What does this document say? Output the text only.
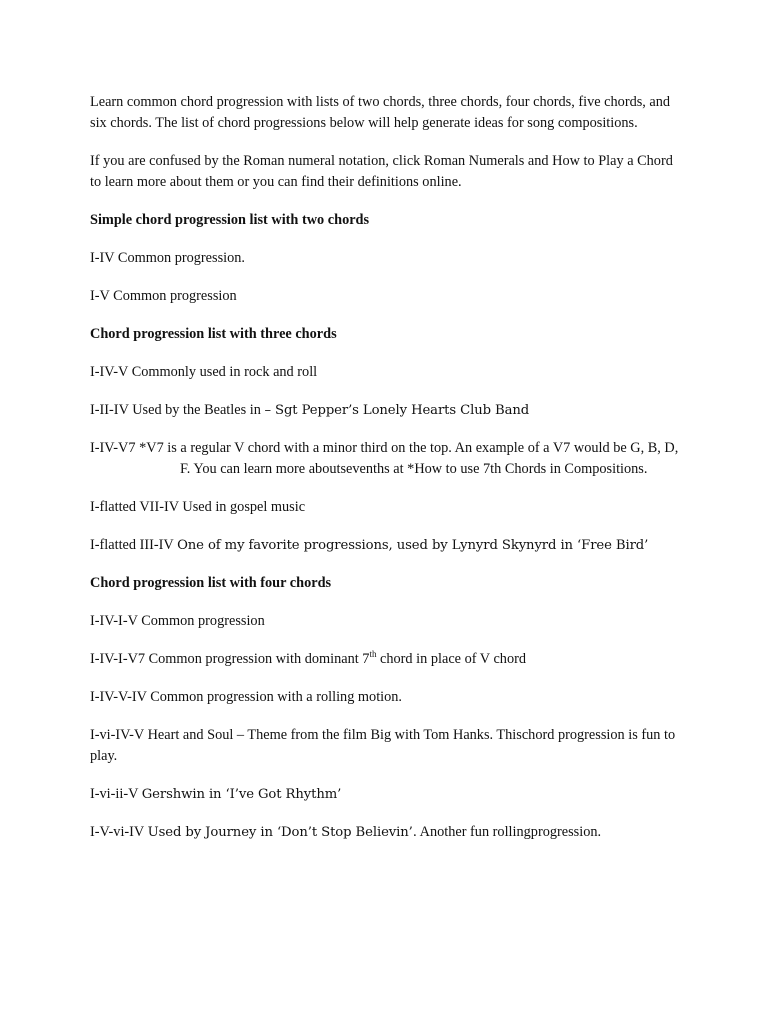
Learn common chord progression with lists of two chords, three chords, four chords, five chords, and six chords. The list of chord progressions below will help generate ideas for song compositions.

If you are confused by the Roman numeral notation, click Roman Numerals and How to Play a Chord to learn more about them or you can find their definitions online.

Simple chord progression list with two chords

I-IV Common progression.

I-V Common progression

Chord progression list with three chords

I-IV-V Commonly used in rock and roll

I-II-IV Used by the Beatles in – Sgt Pepper’s Lonely Hearts Club Band

I-IV-V7 *V7 is a regular V chord with a minor third on the top. An example of a V7 would be G, B, D, F. You can learn more aboutsevenths at *How to use 7th Chords in Compositions.

I-flatted VII-IV Used in gospel music

I-flatted III-IV One of my favorite progressions, used by Lynyrd Skynyrd in ‘Free Bird’

Chord progression list with four chords

I-IV-I-V Common progression

I-IV-I-V7 Common progression with dominant 7th chord in place of V chord

I-IV-V-IV Common progression with a rolling motion.

I-vi-IV-V Heart and Soul – Theme from the film Big with Tom Hanks. Thischord progression is fun to play.

I-vi-ii-V Gershwin in ‘I’ve Got Rhythm’

I-V-vi-IV Used by Journey in ‘Don’t Stop Believin’. Another fun rollingprogression.
